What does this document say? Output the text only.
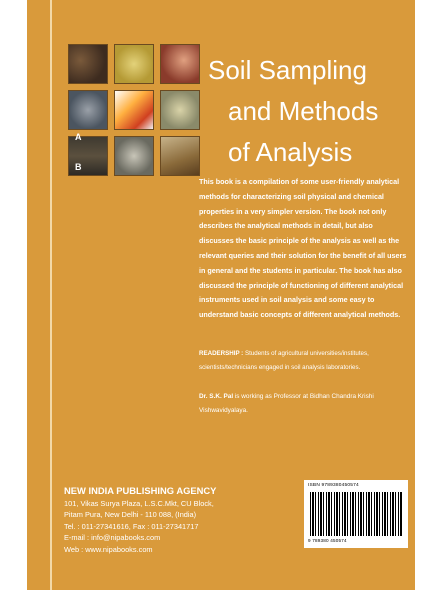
A
B
Soil Sampling
and Methods
of Analysis
This book is a compilation of some user-friendly analytical methods for characterizing soil physical and chemical properties in a very simpler version. The book not only describes the analytical methods in detail, but also discusses the basic principle of the analysis as well as the relevant queries and their solution for the benefit of all users in general and the students in particular. The book has also discussed the principle of functioning of different analytical instruments used in soil analysis and some easy to understand basic concepts of different analytical methods.
READERSHIP : Students of agricultural universities/institutes, scientists/technicians engaged in soil analysis laboratories.
Dr. S.K. Pal is working as Professor at Bidhan Chandra Krishi Vishwavidyalaya.
NEW INDIA PUBLISHING AGENCY
101, Vikas Surya Plaza, L.S.C.Mkt, CU Block,
Pitam Pura, New Delhi - 110 088, (India)
Tel. : 011-27341616, Fax : 011-27341717
E-mail : info@nipabooks.com
Web : www.nipabooks.com
ISBN 9789380450574
9 789380 450574
